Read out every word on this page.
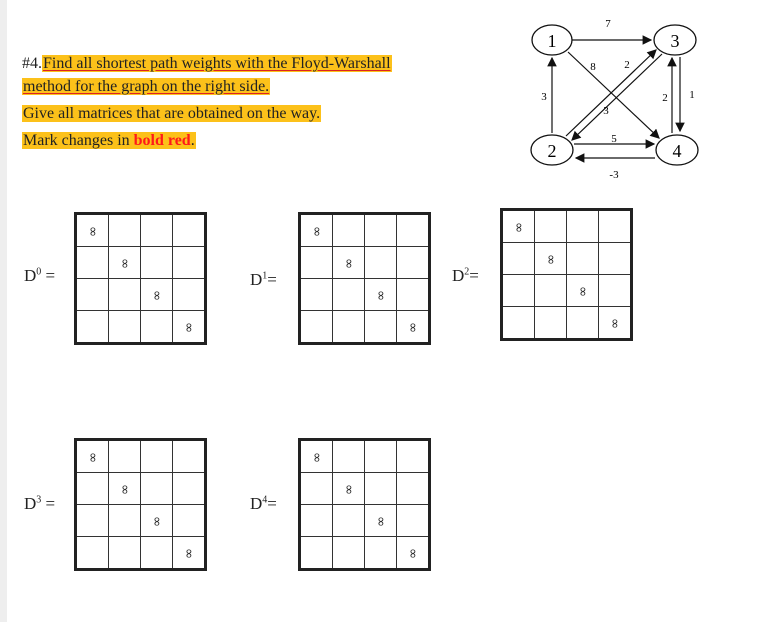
#4.Find all shortest path weights with the Floyd-Warshall
method for the graph on the right side.
Give all matrices that are obtained on the way.
Mark changes in bold red.
$D^0$ =	$D^1=$	$D^2=$
$D^3$ =	$D^4=$
∞			
	∞		
		∞	
			∞
∞			
	∞		
		∞	
			∞
∞			
	∞		
		∞	
			∞
∞			
	∞		
		∞	
			∞
∞			
	∞		
		∞	
			∞
1	3
2	4
7
3
8
-3
5
2
3
1
2
